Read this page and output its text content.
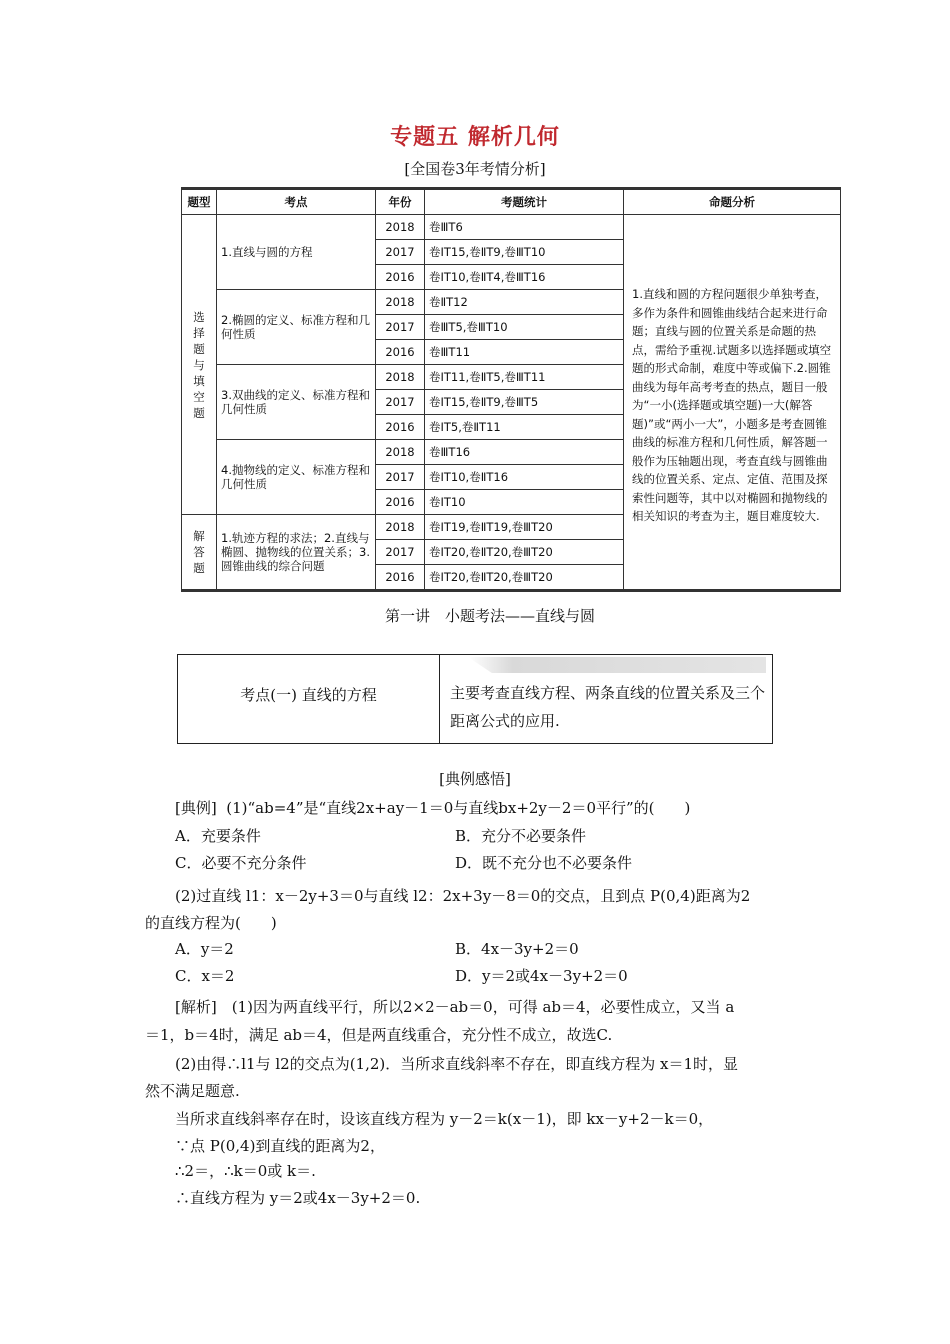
专题五 解析几何
[全国卷3年考情分析]
题型	考点	年份	考题统计	命题分析
选择题与填空题	1.直线与圆的方程	2018	卷ⅢT6	1.直线和圆的方程问题很少单独考查，多作为条件和圆锥曲线结合起来进行命题；直线与圆的位置关系是命题的热点，需给予重视.试题多以选择题或填空题的形式命制，难度中等或偏下.2.圆锥曲线为每年高考考查的热点，题目一般为“一小(选择题或填空题)一大(解答题)”或“两小一大”，小题多是考查圆锥曲线的标准方程和几何性质，解答题一般作为压轴题出现，考查直线与圆锥曲线的位置关系、定点、定值、范围及探索性问题等，其中以对椭圆和抛物线的相关知识的考查为主，题目难度较大.

		2017	卷ⅠT15,卷ⅡT9,卷ⅢT10	
		2016	卷ⅠT10,卷ⅡT4,卷ⅢT16	
	2.椭圆的定义、标准方程和几何性质	2018	卷ⅡT12	
		2017	卷ⅢT5,卷ⅢT10	
		2016	卷ⅢT11	
	3.双曲线的定义、标准方程和几何性质	2018	卷ⅠT11,卷ⅡT5,卷ⅢT11	
		2017	卷ⅠT15,卷ⅡT9,卷ⅢT5	
		2016	卷ⅠT5,卷ⅡT11	
	4.抛物线的定义、标准方程和几何性质	2018	卷ⅢT16	
		2017	卷ⅠT10,卷ⅡT16	
		2016	卷ⅠT10	
解答题	1.轨迹方程的求法；2.直线与椭圆、抛物线的位置关系；3.圆锥曲线的综合问题	2018	卷ⅠT19,卷ⅡT19,卷ⅢT20	
		2017	卷ⅠT20,卷ⅡT20,卷ⅢT20	
		2016	卷ⅠT20,卷ⅡT20,卷ⅢT20	
第一讲　小题考法——直线与圆
考点(一) 直线的方程	主要考查直线方程、两条直线的位置关系及三个距离公式的应用.
[典例感悟]
[典例] (1)“ab=4”是“直线2x+ay－1＝0与直线bx+2y－2＝0平行”的(　　)
A．充要条件	B．充分不必要条件
C．必要不充分条件	D．既不充分也不必要条件
(2)过直线 l1：x－2y+3＝0与直线 l2：2x+3y－8＝0的交点，且到点 P(0,4)距离为2
的直线方程为(　　)
A．y＝2	B．4x－3y+2＝0
C．x＝2	D．y＝2或4x－3y+2＝0
[解析]　(1)因为两直线平行，所以2×2－ab＝0，可得 ab＝4，必要性成立，又当 a
＝1，b＝4时，满足 ab＝4，但是两直线重合，充分性不成立，故选C.
(2)由得∴l1与 l2的交点为(1,2)．当所求直线斜率不存在，即直线方程为 x＝1时，显
然不满足题意.
当所求直线斜率存在时，设该直线方程为 y－2＝k(x－1)，即 kx－y+2－k＝0，
∵点 P(0,4)到直线的距离为2，
∴2＝，∴k＝0或 k＝.
∴直线方程为 y＝2或4x－3y+2＝0.
